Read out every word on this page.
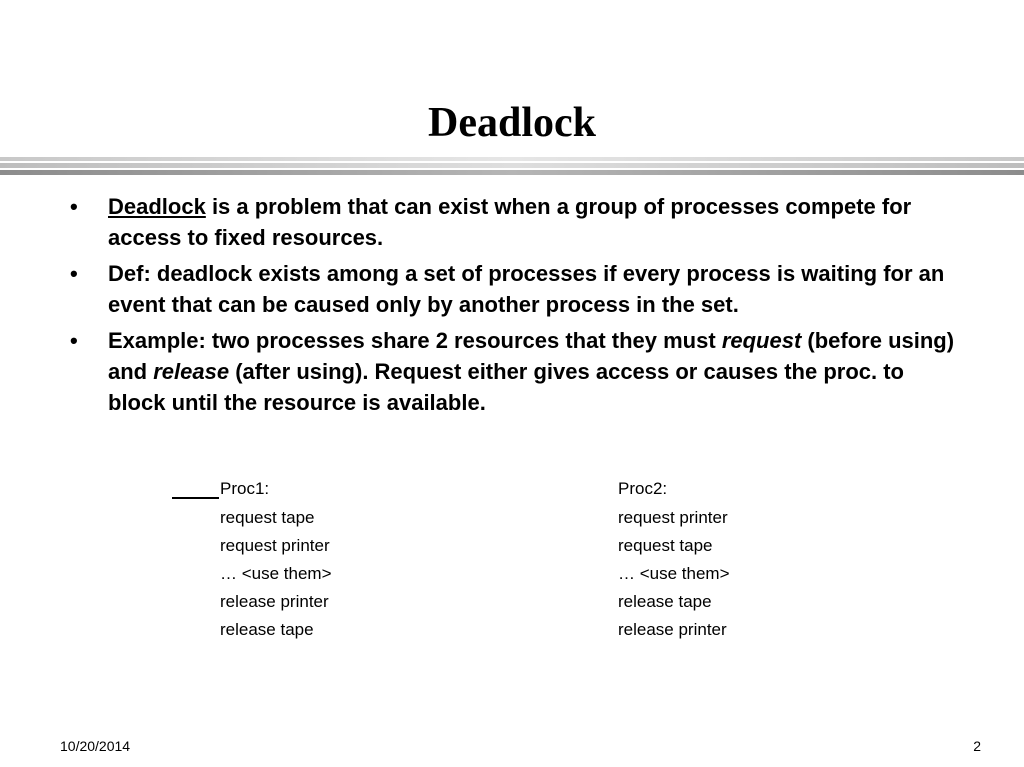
Deadlock
• Deadlock is a problem that can exist when a group of processes compete for access to fixed resources.
• Def: deadlock exists among a set of processes if every process is waiting for an event that can be caused only by another process in the set.
• Example: two processes share 2 resources that they must request (before using) and release (after using). Request either gives access or causes the proc. to block until the resource is available.
Proc1:
request tape
request printer
… <use them>
release printer
release tape
Proc2:
request printer
request tape
… <use them>
release tape
release printer
10/20/2014	2
